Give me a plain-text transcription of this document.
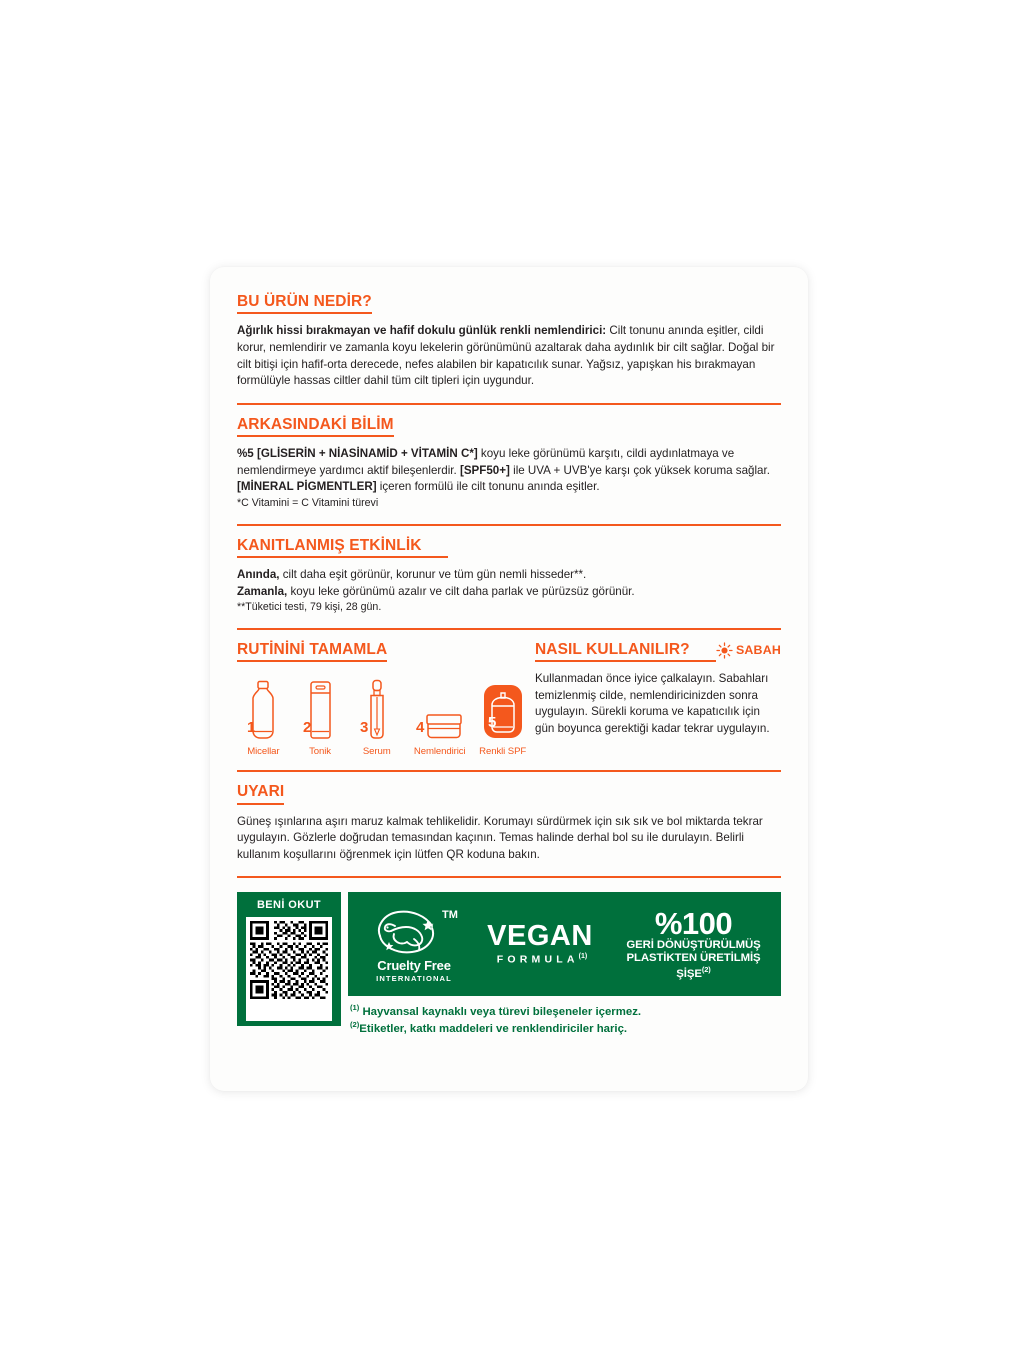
BU ÜRÜN NEDİR?

Ağırlık hissi bırakmayan ve hafif dokulu günlük renkli nemlendirici: Cilt tonunu anında eşitler, cildi korur, nemlendirir ve zamanla koyu lekelerin görünümünü azaltarak daha aydınlık bir cilt sağlar. Doğal bir cilt bitişi için hafif-orta derecede, nefes alabilen bir kapatıcılık sunar. Yağsız, yapışkan his bırakmayan formülüyle hassas ciltler dahil tüm cilt tipleri için uygundur.

ARKASINDAKİ BİLİM

%5 [GLİSERİN + NİASİNAMİD + VİTAMİN C*] koyu leke görünümü karşıtı, cildi aydınlatmaya ve nemlendirmeye yardımcı aktif bileşenlerdir. [SPF50+] ile UVA + UVB'ye karşı çok yüksek koruma sağlar. [MİNERAL PİGMENTLER] içeren formülü ile cilt tonunu anında eşitler.

*C Vitamini = C Vitamini türevi

KANITLANMIŞ ETKİNLİK

Anında, cilt daha eşit görünür, korunur ve tüm gün nemli hisseder**.

Zamanla, koyu leke görünümü azalır ve cilt daha parlak ve pürüzsüz görünür.

**Tüketici testi, 79 kişi, 28 gün.

RUTİNİNİ TAMAMLA
1
Micellar
2
Tonik
3
Serum
4
Nemlendirici
5
Renkli SPF
NASIL KULLANILIR?	SABAH

Kullanmadan önce iyice çalkalayın. Sabahları temizlenmiş cilde, nemlendiricinizden sonra uygulayın. Sürekli koruma ve kapatıcılık için gün boyunca gerektiği kadar tekrar uygulayın.

UYARI

Güneş ışınlarına aşırı maruz kalmak tehlikelidir. Korumayı sürdürmek için sık sık ve bol miktarda tekrar uygulayın. Gözlerle doğrudan temasından kaçının. Temas halinde derhal bol su ile durulayın. Belirli kullanım koşullarını öğrenmek için lütfen QR koduna bakın.

BENİ OKUT
TM
Cruelty Free
INTERNATIONAL
VEGAN
FORMULA$^{(1)}$
%100
GERİ DÖNÜŞTÜRÜLMÜŞ
PLASTİKTEN ÜRETİLMİŞ
ŞİŞE$^{(2)}$
$^{(1)}$ Hayvansal kaynaklı veya türevi bileşeneler içermez.
$^{(2)}$Etiketler, katkı maddeleri ve renklendiriciler hariç.
